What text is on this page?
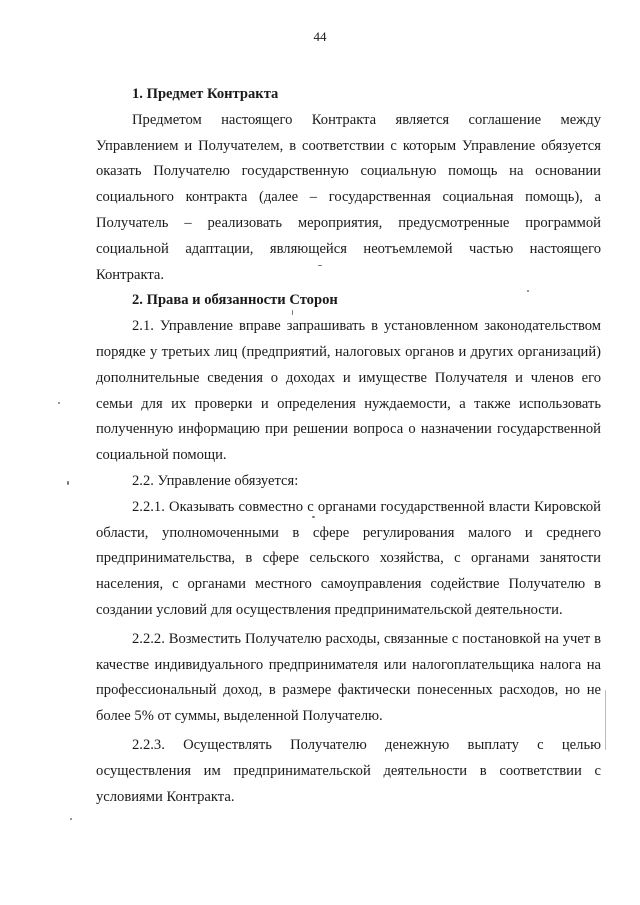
44

1. Предмет Контракта

Предметом настоящего Контракта является соглашение между Управлением и Получателем, в соответствии с которым Управление обязуется оказать Получателю государственную социальную помощь на основании социального контракта (далее – государственная социальная помощь), а Получатель – реализовать мероприятия, предусмотренные программой социальной адаптации, являющейся неотъемлемой частью настоящего Контракта.

2. Права и обязанности Сторон

2.1. Управление вправе запрашивать в установленном законодательством порядке у третьих лиц (предприятий, налоговых органов и других организаций) дополнительные сведения о доходах и имуществе Получателя и членов его семьи для их проверки и определения нуждаемости, а также использовать полученную информацию при решении вопроса о назначении государственной социальной помощи.

2.2. Управление обязуется:

2.2.1. Оказывать совместно с органами государственной власти Кировской области, уполномоченными в сфере регулирования малого и среднего предпринимательства, в сфере сельского хозяйства, с органами занятости населения, с органами местного самоуправления содействие Получателю в создании условий для осуществления предпринимательской деятельности.

2.2.2. Возместить Получателю расходы, связанные с постановкой на учет в качестве индивидуального предпринимателя или налогоплательщика налога на профессиональный доход, в размере фактически понесенных расходов, но не более 5% от суммы, выделенной Получателю.

2.2.3. Осуществлять Получателю денежную выплату с целью осуществления им предпринимательской деятельности в соответствии с условиями Контракта.
